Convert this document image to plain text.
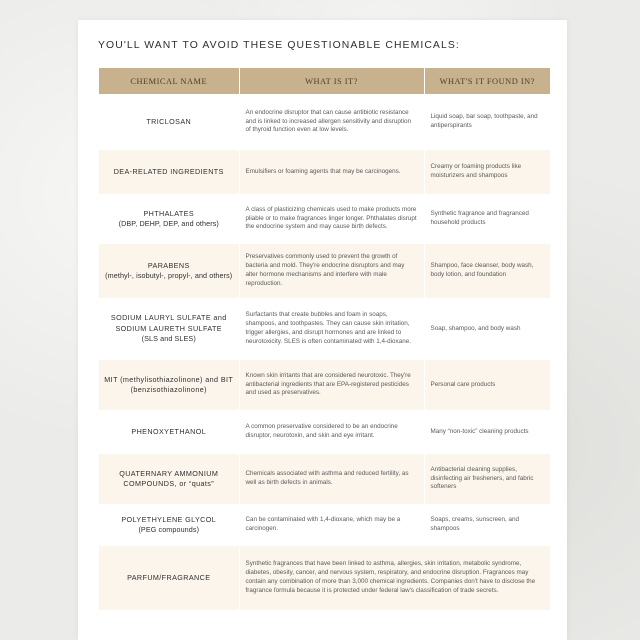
YOU'LL WANT TO AVOID THESE QUESTIONABLE CHEMICALS:
CHEMICAL NAME	WHAT IS IT?	WHAT'S IT FOUND IN?

TRICLOSAN	An endocrine disruptor that can cause antibiotic resistance and is linked to increased allergen sensitivity and disruption of thyroid function even at low levels.	Liquid soap, bar soap, toothpaste, and antiperspirants

DEA-RELATED INGREDIENTS	Emulsifiers or foaming agents that may be carcinogens.	Creamy or foaming products like moisturizers and shampoos

PHTHALATES
(DBP, DEHP, DEP, and others)	A class of plasticizing chemicals used to make products more pliable or to make fragrances linger longer. Phthalates disrupt the endocrine system and may cause birth defects.	Synthetic fragrance and fragranced household products

PARABENS
(methyl-, isobutyl-, propyl-, and others)	Preservatives commonly used to prevent the growth of bacteria and mold. They're endocrine disruptors and may alter hormone mechanisms and interfere with male reproduction.	Shampoo, face cleanser, body wash, body lotion, and foundation

SODIUM LAURYL SULFATE and SODIUM LAURETH SULFATE
(SLS and SLES)	Surfactants that create bubbles and foam in soaps, shampoos, and toothpastes. They can cause skin irritation, trigger allergies, and disrupt hormones and are linked to neurotoxicity. SLES is often contaminated with 1,4-dioxane.	Soap, shampoo, and body wash

MIT (methylisothiazolinone) and BIT (benzisothiazolinone)	Known skin irritants that are considered neurotoxic. They're antibacterial ingredients that are EPA-registered pesticides and used as preservatives.	Personal care products

PHENOXYETHANOL	A common preservative considered to be an endocrine disruptor, neurotoxin, and skin and eye irritant.	Many “non-toxic” cleaning products

QUATERNARY AMMONIUM COMPOUNDS, or “quats”	Chemicals associated with asthma and reduced fertility, as well as birth defects in animals.	Antibacterial cleaning supplies, disinfecting air fresheners, and fabric softeners

POLYETHYLENE GLYCOL
(PEG compounds)	Can be contaminated with 1,4-dioxane, which may be a carcinogen.	Soaps, creams, sunscreen, and shampoos

PARFUM/FRAGRANCE	Synthetic fragrances that have been linked to asthma, allergies, skin irritation, metabolic syndrome, diabetes, obesity, cancer, and nervous system, respiratory, and endocrine disruption. Fragrances may contain any combination of more than 3,000 chemical ingredients. Companies don't have to disclose the fragrance formula because it is protected under federal law's classification of trade secrets.	
